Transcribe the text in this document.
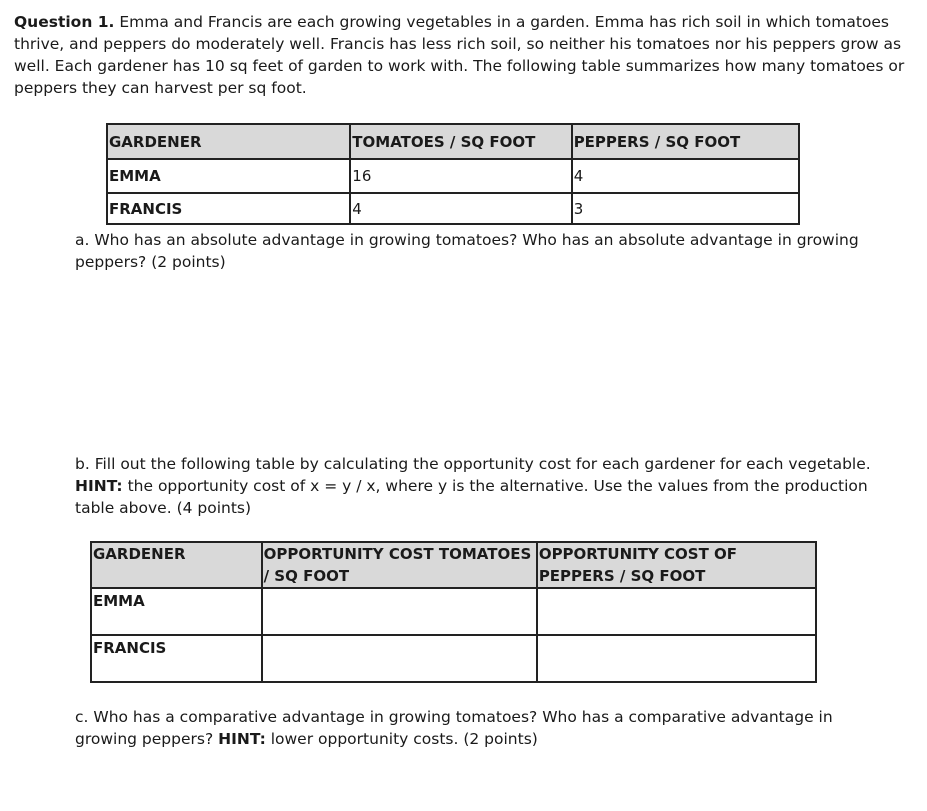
Question 1. Emma and Francis are each growing vegetables in a garden. Emma has rich soil in which tomatoes thrive, and peppers do moderately well. Francis has less rich soil, so neither his tomatoes nor his peppers grow as well. Each gardener has 10 sq feet of garden to work with. The following table summarizes how many tomatoes or peppers they can harvest per sq foot.

GARDENER	TOMATOES / SQ FOOT	PEPPERS / SQ FOOT
EMMA	16	4
FRANCIS	4	3

a. Who has an absolute advantage in growing tomatoes? Who has an absolute advantage in growing peppers? (2 points)

b. Fill out the following table by calculating the opportunity cost for each gardener for each vegetable. HINT: the opportunity cost of x = y / x, where y is the alternative. Use the values from the production table above. (4 points)

GARDENER	OPPORTUNITY COST TOMATOES / SQ FOOT	OPPORTUNITY COST OF PEPPERS / SQ FOOT
EMMA		
FRANCIS		

c. Who has a comparative advantage in growing tomatoes? Who has a comparative advantage in growing peppers? HINT: lower opportunity costs. (2 points)
